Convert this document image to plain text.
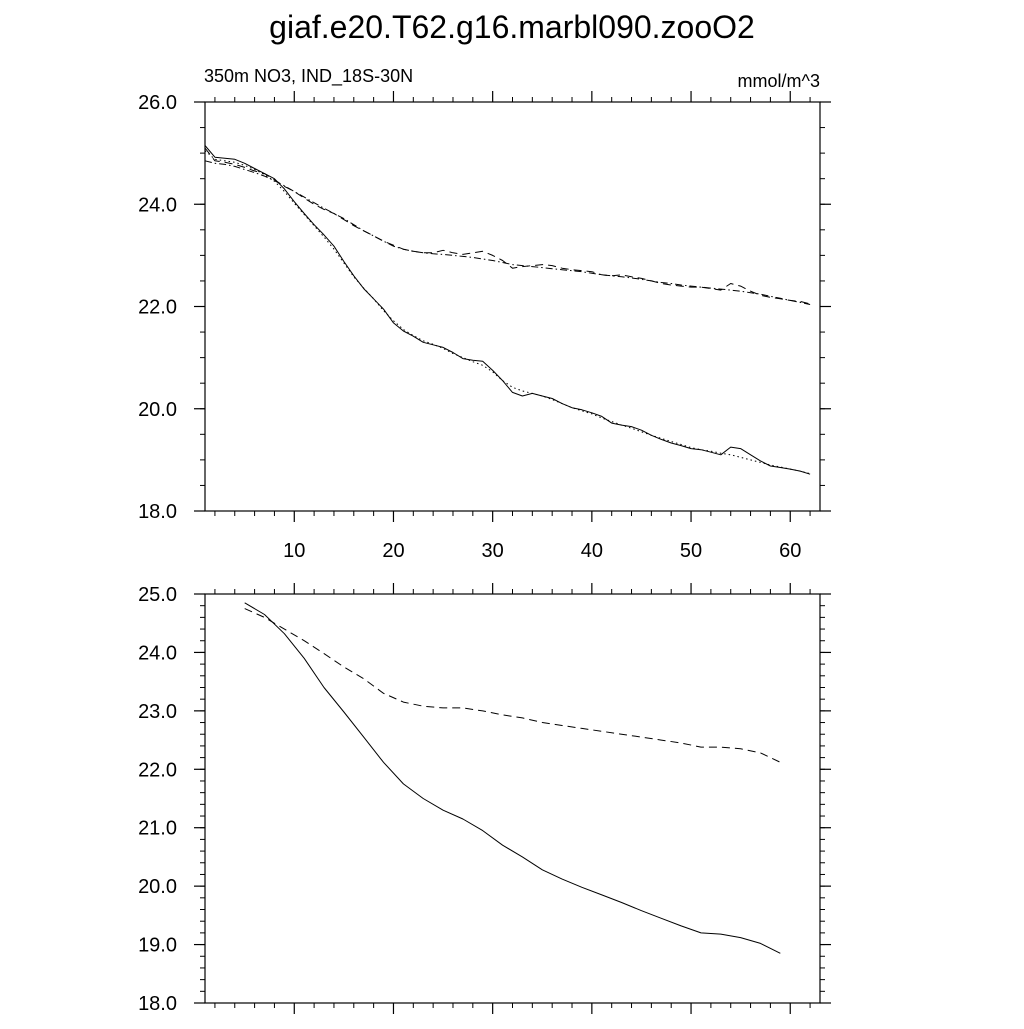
giaf.e20.T62.g16.marbl090.zooO2
10	20	30	40	50	60
18.0
20.0
22.0
24.0
26.0
350m NO3, IND_18S-30N	mmol/m^3
18.0
19.0
20.0
21.0
22.0
23.0
24.0
25.0
